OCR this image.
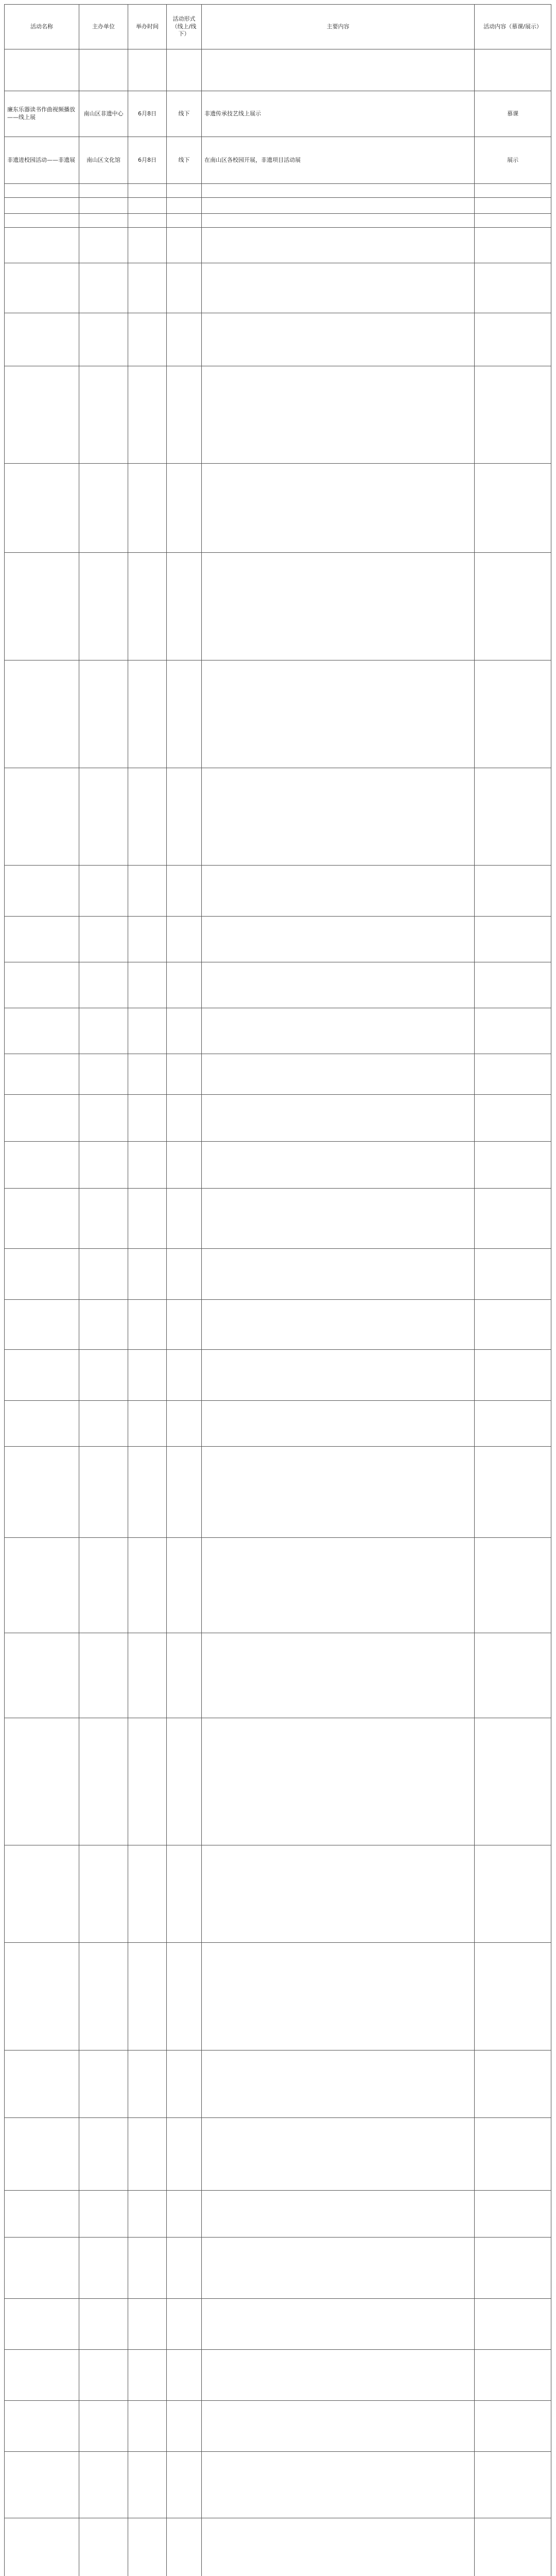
活动名称	主办单位	举办时间	活动形式（线上/线下）	主要内容	活动内容（慕课/展示）

廉东乐器读书作曲视频播放——线上展	南山区非遗中心	6月8日	线下	非遗传承技艺线上展示	慕课
非遗进校园活动——非遗展	南山区文化馆	6月8日	线下	在南山区各校园开展，非遗项目活动展	展示
